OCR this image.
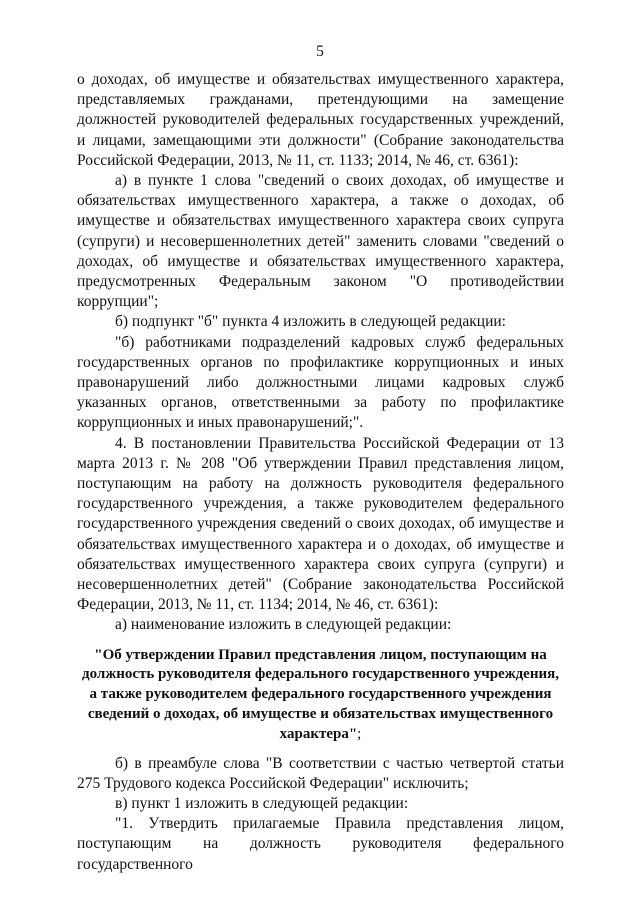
5

о доходах, об имуществе и обязательствах имущественного характера, представляемых гражданами, претендующими на замещение должностей руководителей федеральных государственных учреждений, и лицами, замещающими эти должности" (Собрание законодательства Российской Федерации, 2013, № 11, ст. 1133; 2014, № 46, ст. 6361):

а) в пункте 1 слова "сведений о своих доходах, об имуществе и обязательствах имущественного характера, а также о доходах, об имуществе и обязательствах имущественного характера своих супруга (супруги) и несовершеннолетних детей" заменить словами "сведений о доходах, об имуществе и обязательствах имущественного характера, предусмотренных Федеральным законом "О противодействии коррупции";

б) подпункт "б" пункта 4 изложить в следующей редакции:

"б) работниками подразделений кадровых служб федеральных государственных органов по профилактике коррупционных и иных правонарушений либо должностными лицами кадровых служб указанных органов, ответственными за работу по профилактике коррупционных и иных правонарушений;".

4. В постановлении Правительства Российской Федерации от 13 марта 2013 г. № 208 "Об утверждении Правил представления лицом, поступающим на работу на должность руководителя федерального государственного учреждения, а также руководителем федерального государственного учреждения сведений о своих доходах, об имуществе и обязательствах имущественного характера и о доходах, об имуществе и обязательствах имущественного характера своих супруга (супруги) и несовершеннолетних детей" (Собрание законодательства Российской Федерации, 2013, № 11, ст. 1134; 2014, № 46, ст. 6361):

а) наименование изложить в следующей редакции:

"Об утверждении Правил представления лицом, поступающим на должность руководителя федерального государственного учреждения, а также руководителем федерального государственного учреждения сведений о доходах, об имуществе и обязательствах имущественного характера";

б) в преамбуле слова "В соответствии с частью четвертой статьи 275 Трудового кодекса Российской Федерации" исключить;

в) пункт 1 изложить в следующей редакции:

"1. Утвердить прилагаемые Правила представления лицом, поступающим на должность руководителя федерального государственного
